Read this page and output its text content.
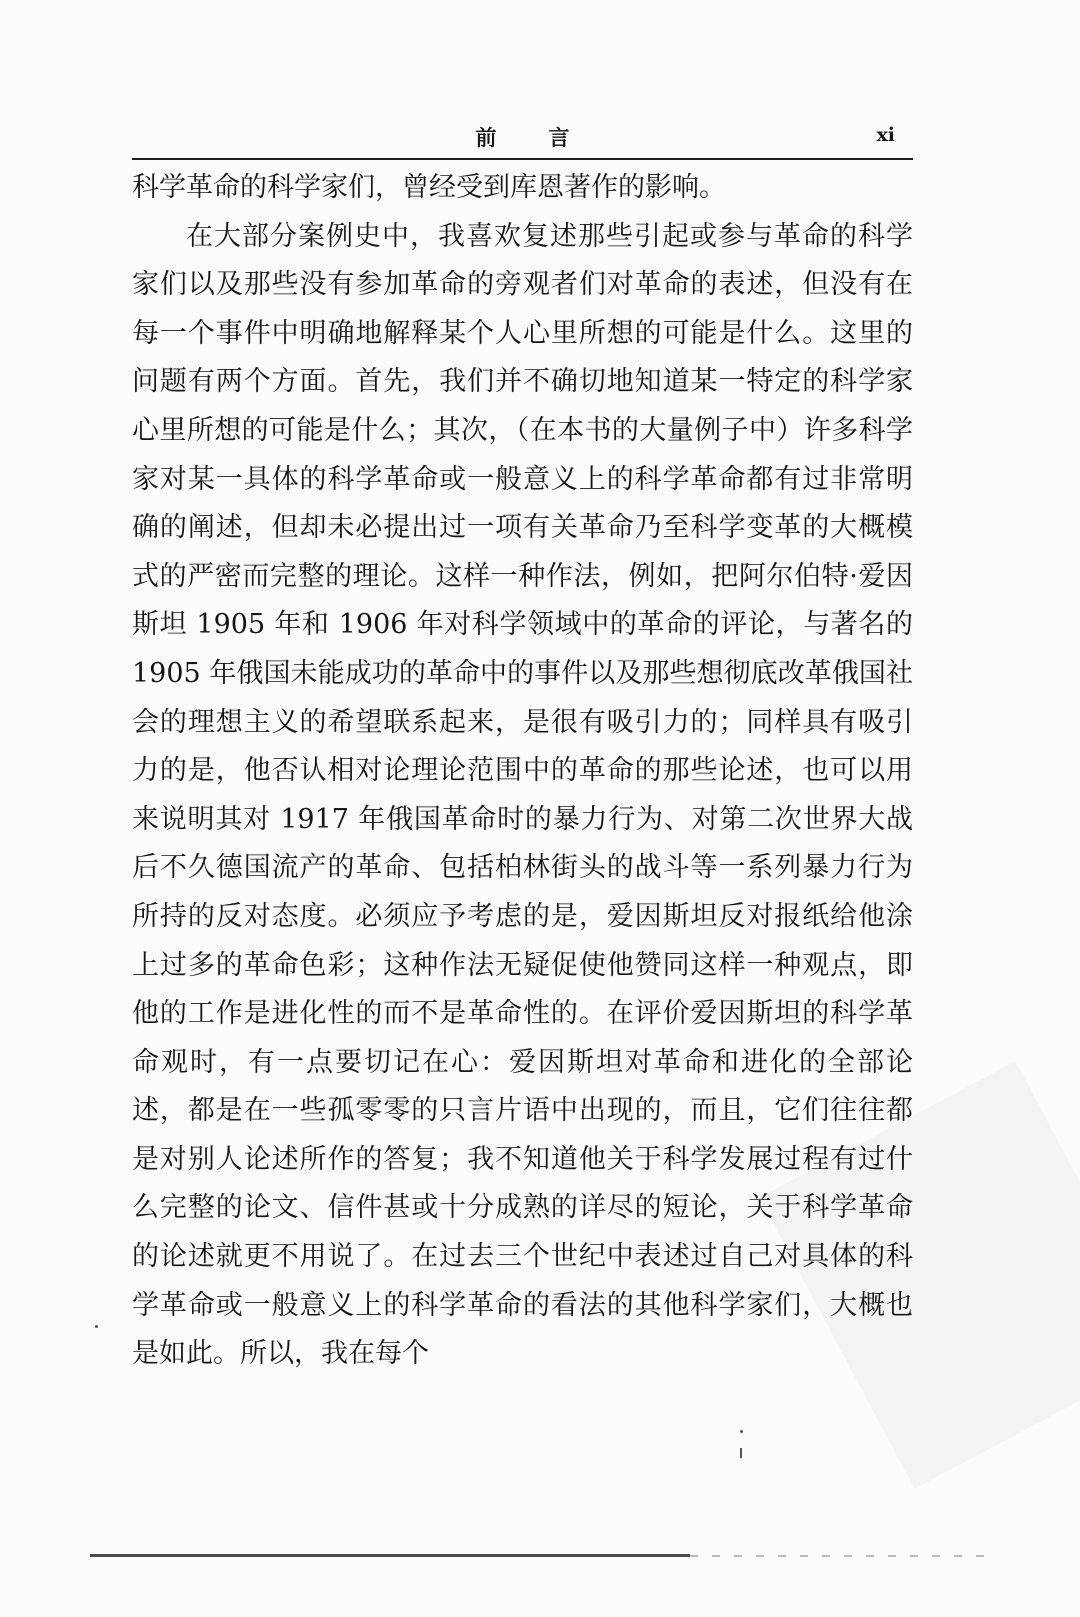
前言	xi

科学革命的科学家们，曾经受到库恩著作的影响。

在大部分案例史中，我喜欢复述那些引起或参与革命的科学家们以及那些没有参加革命的旁观者们对革命的表述，但没有在每一个事件中明确地解释某个人心里所想的可能是什么。这里的问题有两个方面。首先，我们并不确切地知道某一特定的科学家心里所想的可能是什么；其次，（在本书的大量例子中）许多科学家对某一具体的科学革命或一般意义上的科学革命都有过非常明确的阐述，但却未必提出过一项有关革命乃至科学变革的大概模式的严密而完整的理论。这样一种作法，例如，把阿尔伯特·爱因斯坦 1905 年和 1906 年对科学领域中的革命的评论，与著名的 1905 年俄国未能成功的革命中的事件以及那些想彻底改革俄国社会的理想主义的希望联系起来，是很有吸引力的；同样具有吸引力的是，他否认相对论理论范围中的革命的那些论述，也可以用来说明其对 1917 年俄国革命时的暴力行为、对第二次世界大战后不久德国流产的革命、包括柏林街头的战斗等一系列暴力行为所持的反对态度。必须应予考虑的是，爱因斯坦反对报纸给他涂上过多的革命色彩；这种作法无疑促使他赞同这样一种观点，即他的工作是进化性的而不是革命性的。在评价爱因斯坦的科学革命观时，有一点要切记在心：爱因斯坦对革命和进化的全部论述，都是在一些孤零零的只言片语中出现的，而且，它们往往都是对别人论述所作的答复；我不知道他关于科学发展过程有过什么完整的论文、信件甚或十分成熟的详尽的短论，关于科学革命的论述就更不用说了。在过去三个世纪中表述过自己对具体的科学革命或一般意义上的科学革命的看法的其他科学家们，大概也是如此。所以，我在每个
